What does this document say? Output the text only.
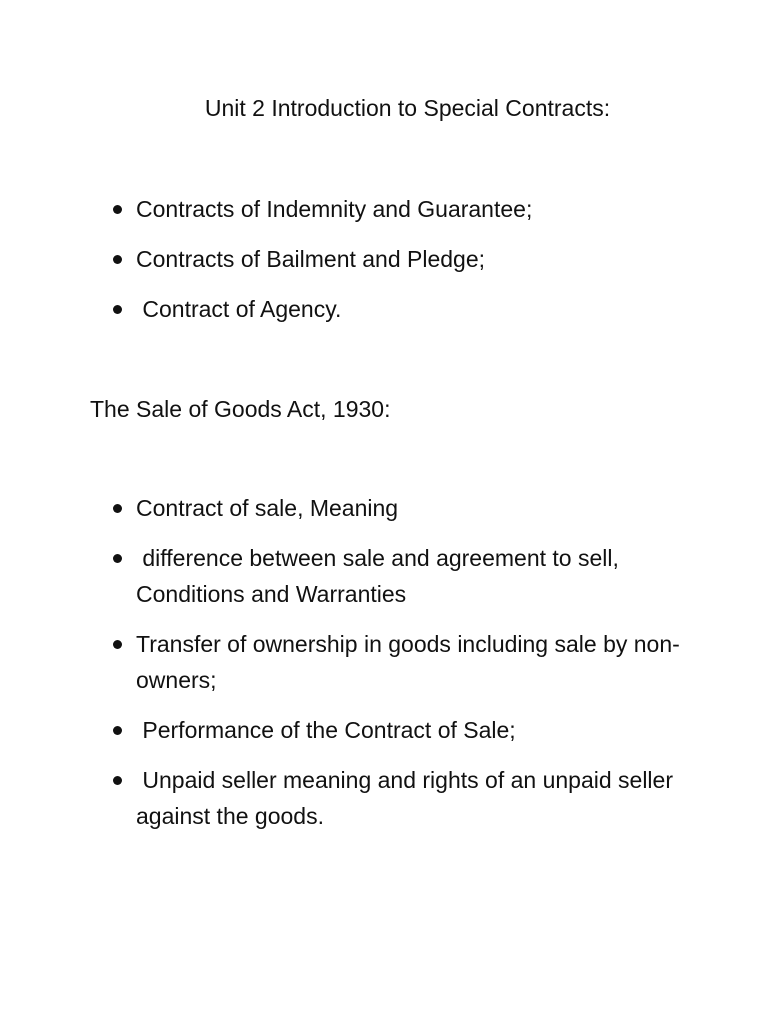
Unit 2 Introduction to Special Contracts:
Contracts of Indemnity and Guarantee;
Contracts of Bailment and Pledge;
Contract of Agency.
The Sale of Goods Act, 1930:
Contract of sale, Meaning
difference between sale and agreement to sell, Conditions and Warranties
Transfer of ownership in goods including sale by non-owners;
Performance of the Contract of Sale;
Unpaid seller meaning and rights of an unpaid seller against the goods.
